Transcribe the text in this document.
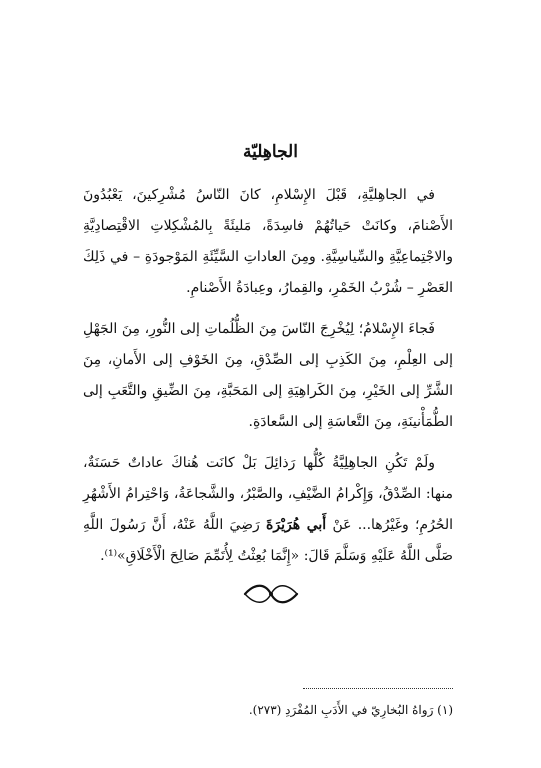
الجاهِليّة

في الجاهِليَّةِ، قَبْلَ الإِسْلامِ، كانَ النّاسُ مُشْرِكينَ، يَعْبُدُونَ الأَصْنامَ، وكانَتْ حَياتُهُمْ فاسِدَةً، مَليئَةً بِالمُشْكِلاتِ الاقْتِصادِيَّةِ والاجْتِماعِيَّةِ والسِّياسِيَّةِ. ومِنَ العاداتِ السَّيِّئَةِ المَوْجودَةِ – في ذَلِكَ العَصْرِ – شُرْبُ الخَمْرِ، والقِمارُ، وعِبادَةُ الأَصْنامِ.

فَجاءَ الإِسْلامُ؛ لِيُخْرِجَ النّاسَ مِنَ الظُّلُماتِ إلى النُّورِ، مِنَ الجَهْلِ إلى العِلْمِ، مِنَ الكَذِبِ إلى الصِّدْقِ، مِنَ الخَوْفِ إلى الأَمانِ، مِنَ الشَّرِّ إلى الخَيْرِ، مِنَ الكَراهِيَةِ إلى المَحَبَّةِ، مِنَ الضِّيقِ والتَّعَبِ إلى الطُّمَأْنينَةِ، مِنَ التَّعاسَةِ إلى السَّعادَةِ.

ولَمْ تَكُنِ الجاهِلِيَّةُ كُلُّها رَذائِلَ بَلْ كانَت هُناكَ عاداتٌ حَسَنَةٌ، منها: الصِّدْقُ، وَإِكْرامُ الضَّيْفِ، والصَّبْرُ، والشَّجاعَةُ، وَاحْتِرامُ الأَشْهُرِ الحُرُمِ؛ وغَيْرُها... عَنْ أَبي هُرَيْرَةَ رَضِيَ اللَّهُ عَنْهُ، أَنَّ رَسُولَ اللَّهِ صَلَّى اللَّهُ عَلَيْهِ وَسَلَّمَ قَالَ: «إِنَّمَا بُعِثْتُ لِأُتَمِّمَ صَالِحَ الْأَخْلَاقِ»⁽¹⁾.

(١) رَواهُ البُخارِيّ في الأَدَبِ المُفْرَدِ (٢٧٣).
